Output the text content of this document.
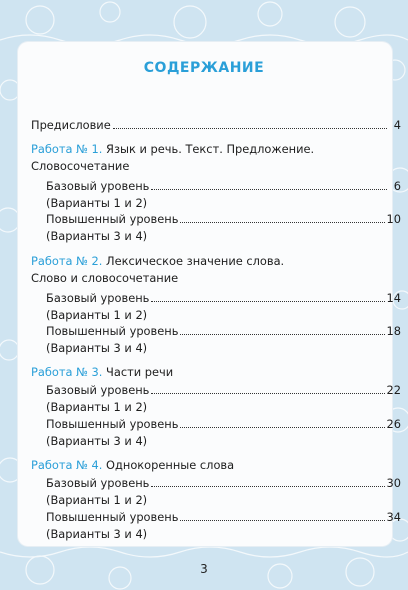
СОДЕРЖАНИЕ
Предисловие	4
Работа № 1. Язык и речь. Текст. Предложение.
Словосочетание
Базовый уровень	6
(Варианты 1 и 2)
Повышенный уровень	10
(Варианты 3 и 4)
Работа № 2. Лексическое значение слова.
Слово и словосочетание
Базовый уровень	14
(Варианты 1 и 2)
Повышенный уровень	18
(Варианты 3 и 4)
Работа № 3. Части речи
Базовый уровень	22
(Варианты 1 и 2)
Повышенный уровень	26
(Варианты 3 и 4)
Работа № 4. Однокоренные слова
Базовый уровень	30
(Варианты 1 и 2)
Повышенный уровень	34
(Варианты 3 и 4)
3
